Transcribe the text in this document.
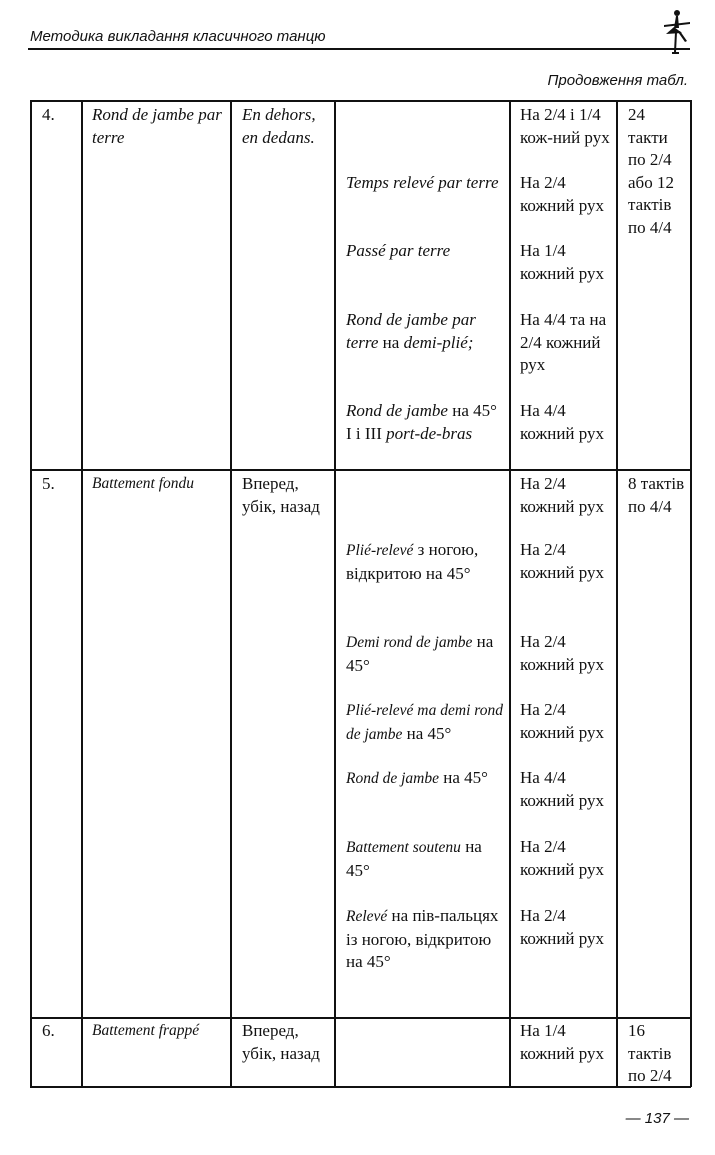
Методика викладання класичного танцю
Продовження табл.
4. Rond de jambe par terre
En dehors, en dedans.
Temps relevé par terre
Passé par terre
Rond de jambe par terre на demi-plié;
Rond de jambe на 45°
I і III port-de-bras
На 2/4 і 1/4 кож-ний рух
На 2/4 кожний рух
На 1/4 кожний рух
На 4/4 та на 2/4 кожний рух
На 4/4 кожний рух
24 такти по 2/4 або 12 тактів по 4/4
5. Battement fondu	Вперед, убік, назад
Plié-relevé з ногою, відкритою на 45°
Demi rond de jambe на 45°
Plié-relevé та demi rond de jambe на 45°
Rond de jambe на 45°
Battement soutenu на 45°
Relevé на пів-пальцях із ногою, відкритою на 45°
На 2/4 кожний рух
На 2/4 кожний рух
На 2/4 кожний рух
На 2/4 кожний рух
На 4/4 кожний рух
На 2/4 кожний рух
На 2/4 кожний рух
8 тактів по 4/4
6. Battement frappé	Вперед, убік, назад
На 1/4 кожний рух
16 тактів по 2/4
— 137 —
